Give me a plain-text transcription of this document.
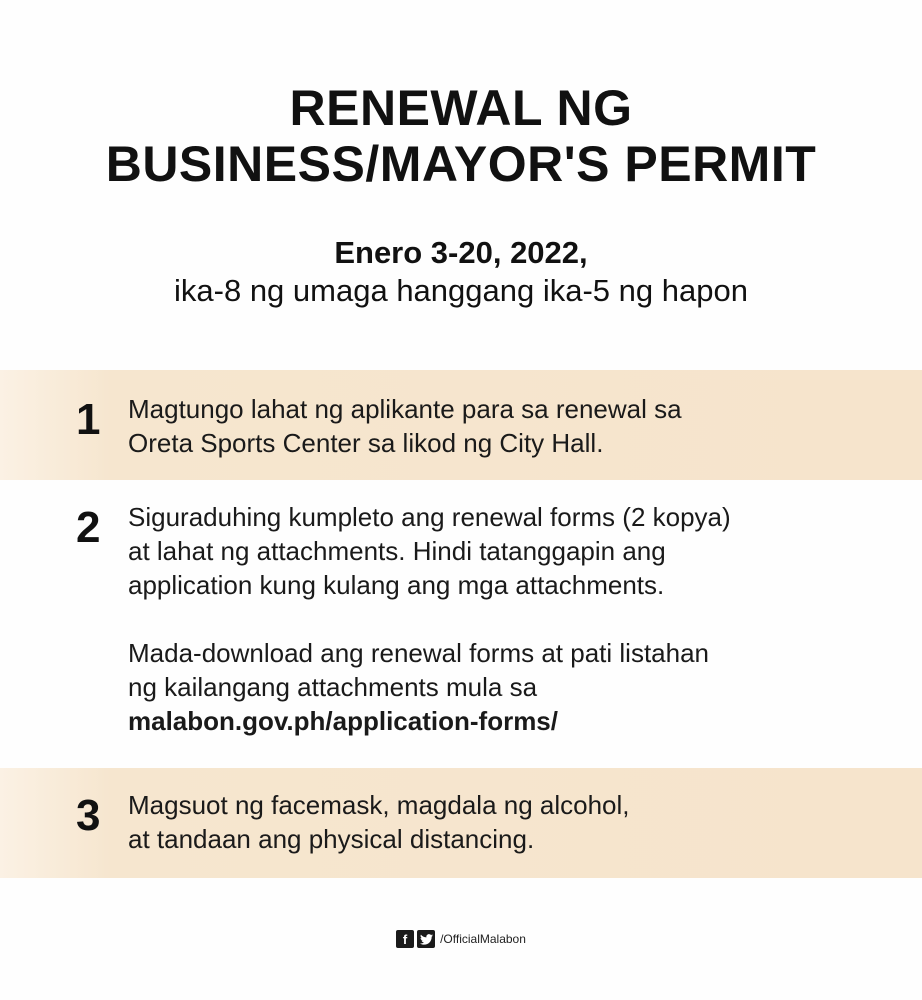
RENEWAL NG
BUSINESS/MAYOR'S PERMIT
Enero 3-20, 2022,
ika-8 ng umaga hanggang ika-5 ng hapon
1 Magtungo lahat ng aplikante para sa renewal sa

Oreta Sports Center sa likod ng City Hall.

2 Siguraduhing kumpleto ang renewal forms (2 kopya)

at lahat ng attachments. Hindi tatanggapin ang

application kung kulang ang mga attachments.

Mada-download ang renewal forms at pati listahan

ng kailangang attachments mula sa

malabon.gov.ph/application-forms/

3 Magsuot ng facemask, magdala ng alcohol,

at tandaan ang physical distancing.

f	/OfficialMalabon
